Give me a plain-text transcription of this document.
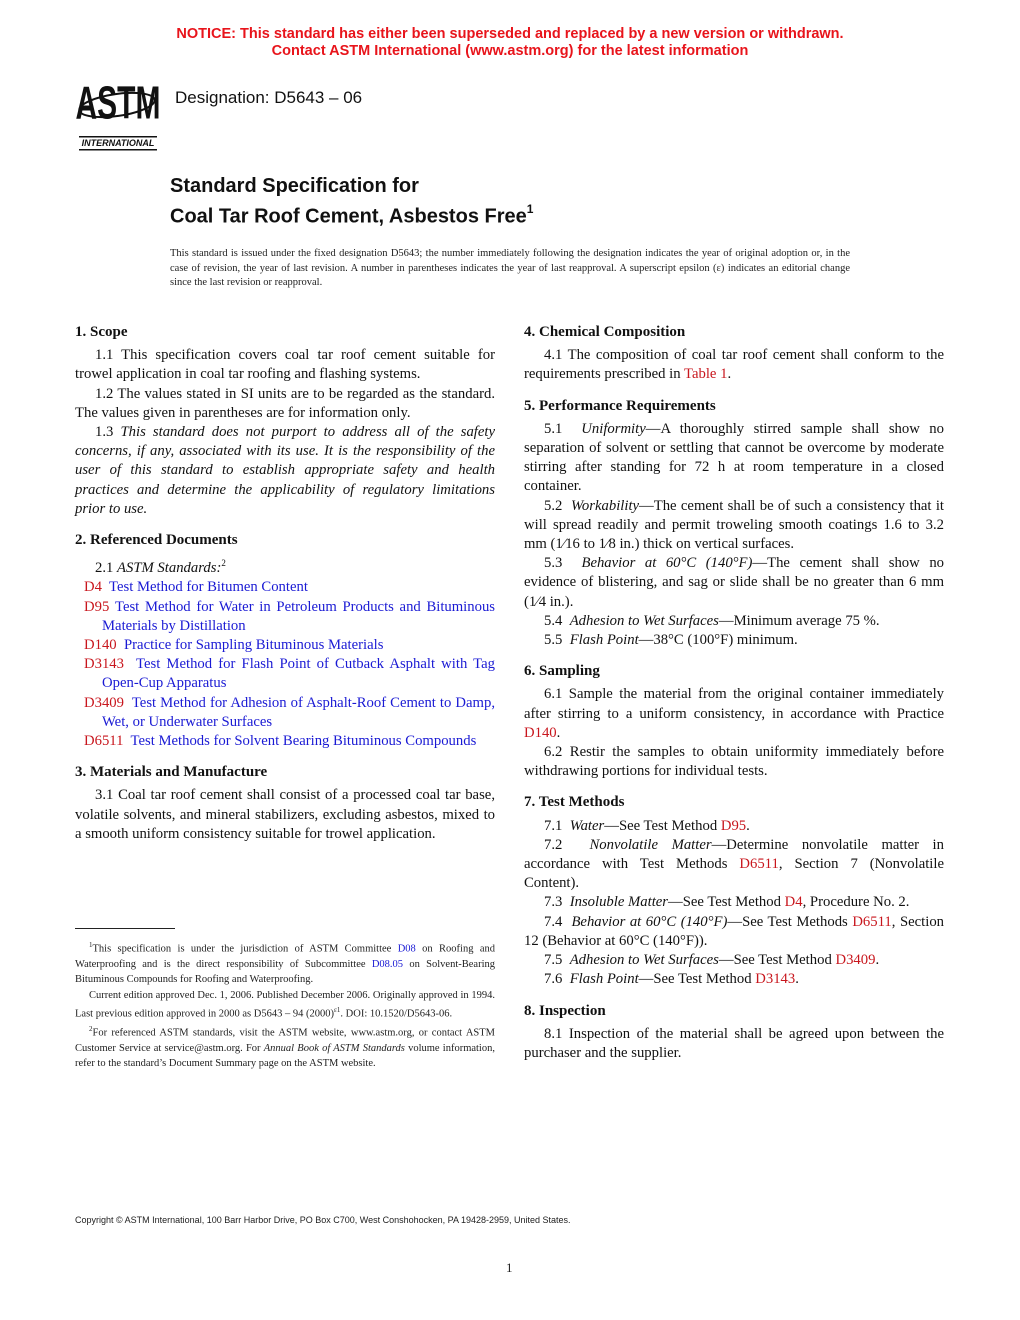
NOTICE: This standard has either been superseded and replaced by a new version or withdrawn.
Contact ASTM International (www.astm.org) for the latest information
ASTM
INTERNATIONAL
Designation: D5643 – 06
Standard Specification for
Coal Tar Roof Cement, Asbestos Free$^1$
This standard is issued under the fixed designation D5643; the number immediately following the designation indicates the year of original adoption or, in the case of revision, the year of last revision. A number in parentheses indicates the year of last reapproval. A superscript epsilon (ε) indicates an editorial change since the last revision or reapproval.
1. Scope

1.1 This specification covers coal tar roof cement suitable for trowel application in coal tar roofing and flashing systems.

1.2 The values stated in SI units are to be regarded as the standard. The values given in parentheses are for information only.

1.3 This standard does not purport to address all of the safety concerns, if any, associated with its use. It is the responsibility of the user of this standard to establish appropriate safety and health practices and determine the applicability of regulatory limitations prior to use.

2. Referenced Documents

2.1 ASTM Standards:$^2$

D4 Test Method for Bitumen Content

D95 Test Method for Water in Petroleum Products and Bituminous Materials by Distillation

D140 Practice for Sampling Bituminous Materials

D3143 Test Method for Flash Point of Cutback Asphalt with Tag Open-Cup Apparatus

D3409 Test Method for Adhesion of Asphalt-Roof Cement to Damp, Wet, or Underwater Surfaces

D6511 Test Methods for Solvent Bearing Bituminous Compounds

3. Materials and Manufacture

3.1 Coal tar roof cement shall consist of a processed coal tar base, volatile solvents, and mineral stabilizers, excluding asbestos, mixed to a smooth uniform consistency suitable for trowel application.

$^1$This specification is under the jurisdiction of ASTM Committee D08 on Roofing and Waterproofing and is the direct responsibility of Subcommittee D08.05 on Solvent-Bearing Bituminous Compounds for Roofing and Waterproofing.

Current edition approved Dec. 1, 2006. Published December 2006. Originally approved in 1994. Last previous edition approved in 2000 as D5643 – 94 $(2000)^{\varepsilon 1}$. DOI: 10.1520/D5643-06.

$^2$For referenced ASTM standards, visit the ASTM website, www.astm.org, or contact ASTM Customer Service at service@astm.org. For Annual Book of ASTM Standards volume information, refer to the standard’s Document Summary page on the ASTM website.

4. Chemical Composition

4.1 The composition of coal tar roof cement shall conform to the requirements prescribed in Table 1.

5. Performance Requirements

5.1 Uniformity—A thoroughly stirred sample shall show no separation of solvent or settling that cannot be overcome by moderate stirring after standing for 72 h at room temperature in a closed container.

5.2 Workability—The cement shall be of such a consistency that it will spread readily and permit troweling smooth coatings 1.6 to 3.2 mm (1⁄16 to 1⁄8 in.) thick on vertical surfaces.

5.3 Behavior at 60°C (140°F)—The cement shall show no evidence of blistering, and sag or slide shall be no greater than 6 mm (1⁄4 in.).

5.4 Adhesion to Wet Surfaces—Minimum average 75 %.

5.5 Flash Point—38°C (100°F) minimum.

6. Sampling

6.1 Sample the material from the original container immediately after stirring to a uniform consistency, in accordance with Practice D140.

6.2 Restir the samples to obtain uniformity immediately before withdrawing portions for individual tests.

7. Test Methods

7.1 Water—See Test Method D95.

7.2 Nonvolatile Matter—Determine nonvolatile matter in accordance with Test Methods D6511, Section 7 (Nonvolatile Content).

7.3 Insoluble Matter—See Test Method D4, Procedure No. 2.

7.4 Behavior at 60°C (140°F)—See Test Methods D6511, Section 12 (Behavior at 60°C (140°F)).

7.5 Adhesion to Wet Surfaces—See Test Method D3409.

7.6 Flash Point—See Test Method D3143.

8. Inspection

8.1 Inspection of the material shall be agreed upon between the purchaser and the supplier.

Copyright © ASTM International, 100 Barr Harbor Drive, PO Box C700, West Conshohocken, PA 19428-2959, United States.
1
